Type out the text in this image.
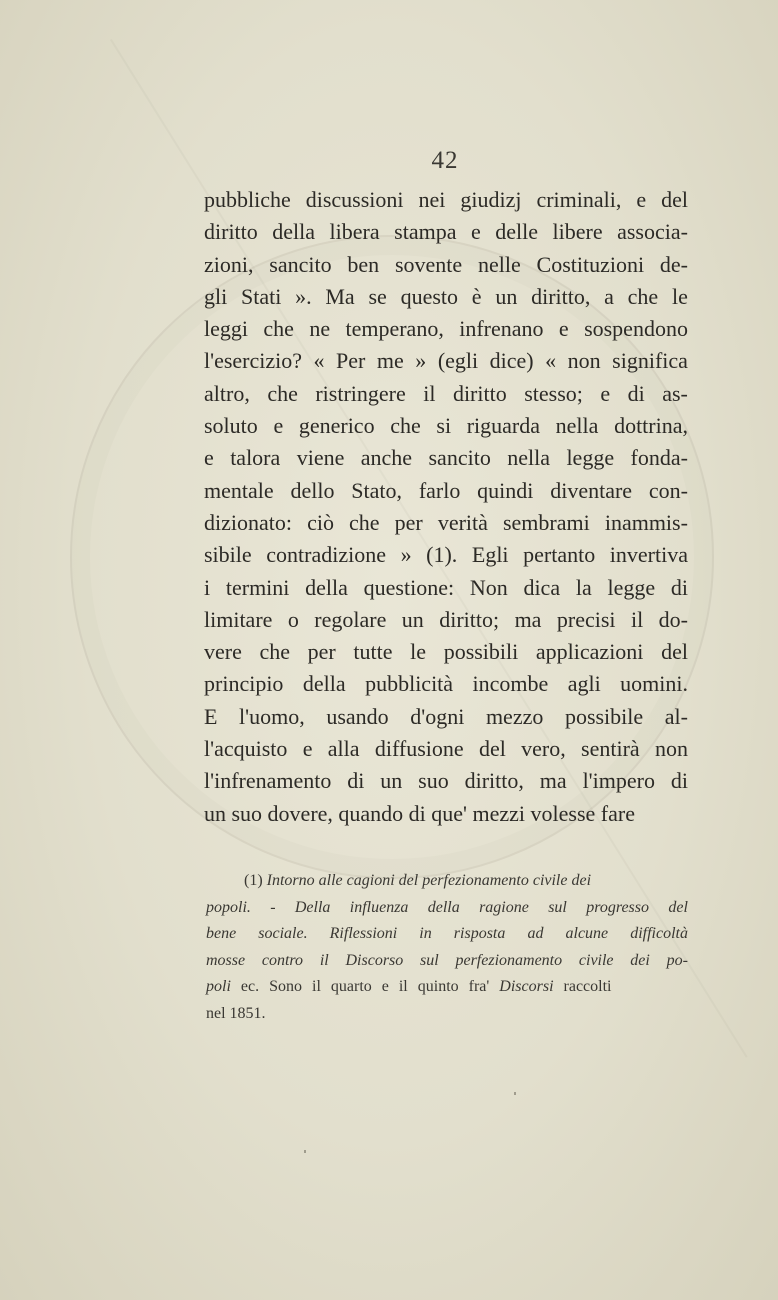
42
pubbliche discussioni nei giudizj criminali, e del
diritto della libera stampa e delle libere associa-
zioni, sancito ben sovente nelle Costituzioni de-
gli Stati ». Ma se questo è un diritto, a che le
leggi che ne temperano, infrenano e sospendono
l'esercizio? « Per me » (egli dice) « non significa
altro, che ristringere il diritto stesso; e di as-
soluto e generico che si riguarda nella dottrina,
e talora viene anche sancito nella legge fonda-
mentale dello Stato, farlo quindi diventare con-
dizionato: ciò che per verità sembrami inammis-
sibile contradizione » (1). Egli pertanto invertiva
i termini della questione: Non dica la legge di
limitare o regolare un diritto; ma precisi il do-
vere che per tutte le possibili applicazioni del
principio della pubblicità incombe agli uomini.
E l'uomo, usando d'ogni mezzo possibile al-
l'acquisto e alla diffusione del vero, sentirà non
l'infrenamento di un suo diritto, ma l'impero di
un suo dovere, quando di que' mezzi volesse fare
(1) Intorno alle cagioni del perfezionamento civile dei
popoli. - Della influenza della ragione sul progresso del
bene sociale. Riflessioni in risposta ad alcune difficoltà
mosse contro il Discorso sul perfezionamento civile dei po-
poli ec. Sono il quarto e il quinto fra' Discorsi raccolti
nel 1851.
